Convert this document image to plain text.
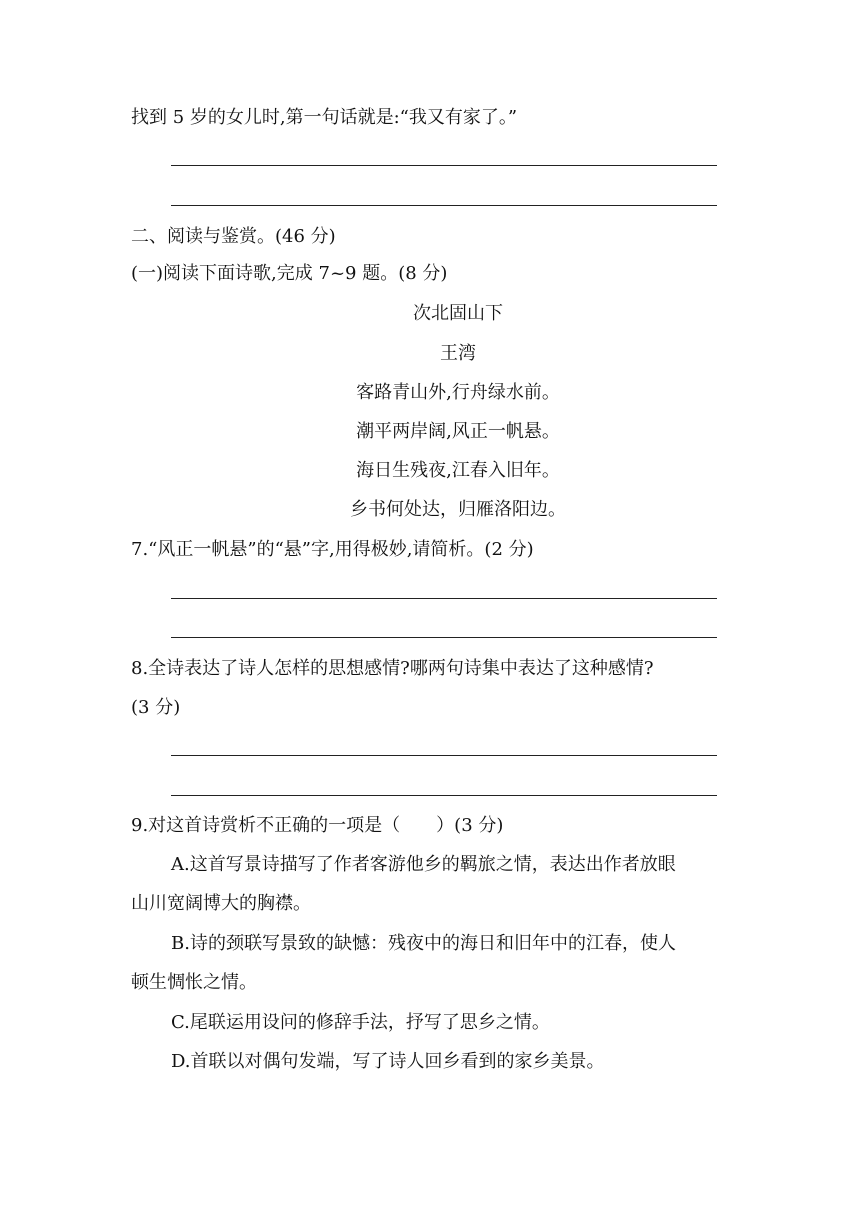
找到 5 岁的女儿时,第一句话就是:“我又有家了。”
二、阅读与鉴赏。(46 分)
(一)阅读下面诗歌,完成 7~9 题。(8 分)
次北固山下
王湾
客路青山外,行舟绿水前。
潮平两岸阔,风正一帆悬。
海日生残夜,江春入旧年。
乡书何处达，归雁洛阳边。
7.“风正一帆悬”的“悬”字,用得极妙,请简析。(2 分)
8.全诗表达了诗人怎样的思想感情?哪两句诗集中表达了这种感情?
(3 分)
9.对这首诗赏析不正确的一项是（　　）(3 分)
A.这首写景诗描写了作者客游他乡的羁旅之情，表达出作者放眼
山川宽阔博大的胸襟。
B.诗的颈联写景致的缺憾：残夜中的海日和旧年中的江春，使人
顿生惆怅之情。
C.尾联运用设问的修辞手法，抒写了思乡之情。
D.首联以对偶句发端，写了诗人回乡看到的家乡美景。
